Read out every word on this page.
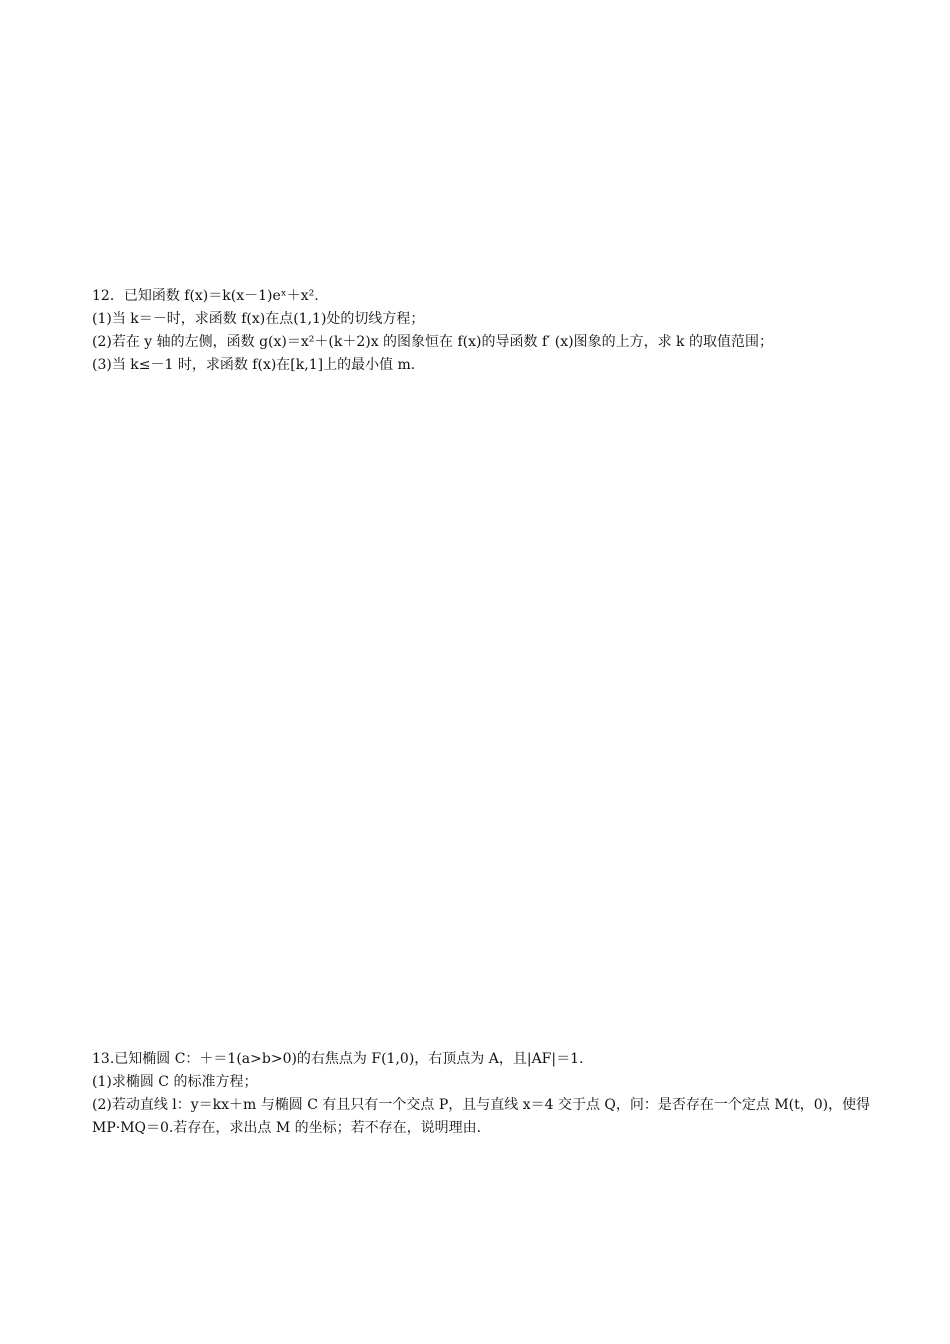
12．已知函数 f(x)＝k(x－1)eˣ＋x².
(1)当 k＝－时，求函数 f(x)在点(1,1)处的切线方程；
(2)若在 y 轴的左侧，函数 g(x)＝x²＋(k＋2)x 的图象恒在 f(x)的导函数 f′ (x)图象的上方，求 k 的取值范围；
(3)当 k≤－1 时，求函数 f(x)在[k,1]上的最小值 m.
13.已知椭圆 C：＋＝1(a>b>0)的右焦点为 F(1,0)，右顶点为 A，且|AF|＝1.
(1)求椭圆 C 的标准方程；
(2)若动直线 l：y＝kx＋m 与椭圆 C 有且只有一个交点 P，且与直线 x＝4 交于点 Q，问：是否存在一个定点 M(t，0)，使得MP·MQ＝0.若存在，求出点 M 的坐标；若不存在，说明理由.
